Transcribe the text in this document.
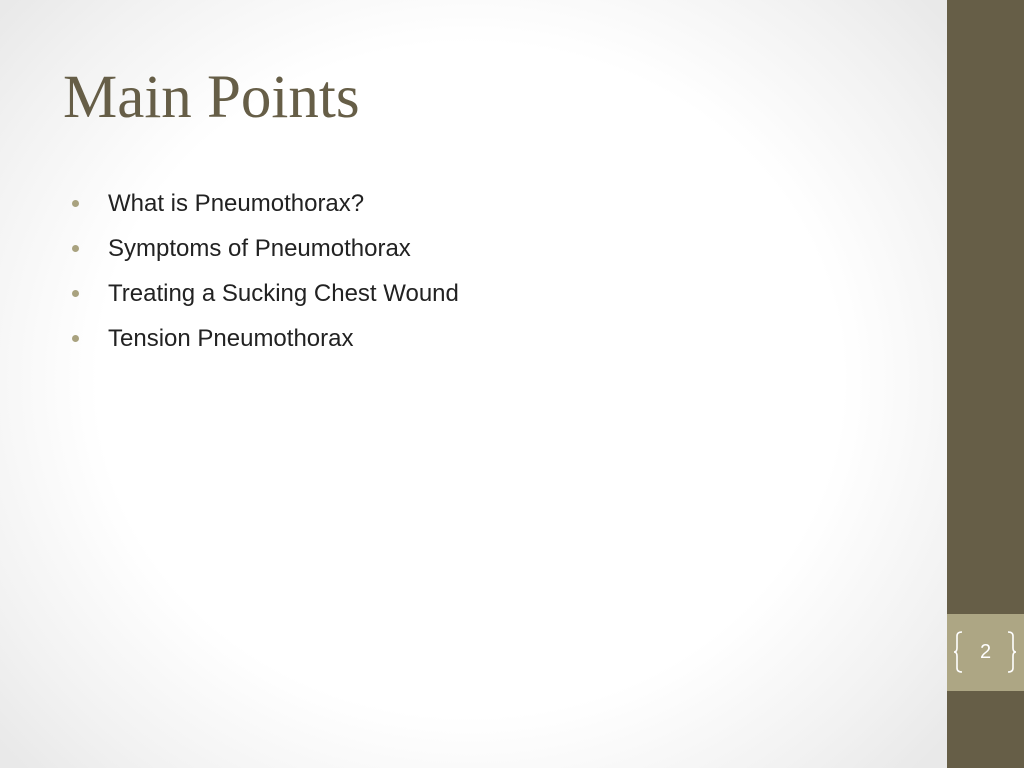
Main Points
What is Pneumothorax?
Symptoms of Pneumothorax
Treating a Sucking Chest Wound
Tension Pneumothorax
2
